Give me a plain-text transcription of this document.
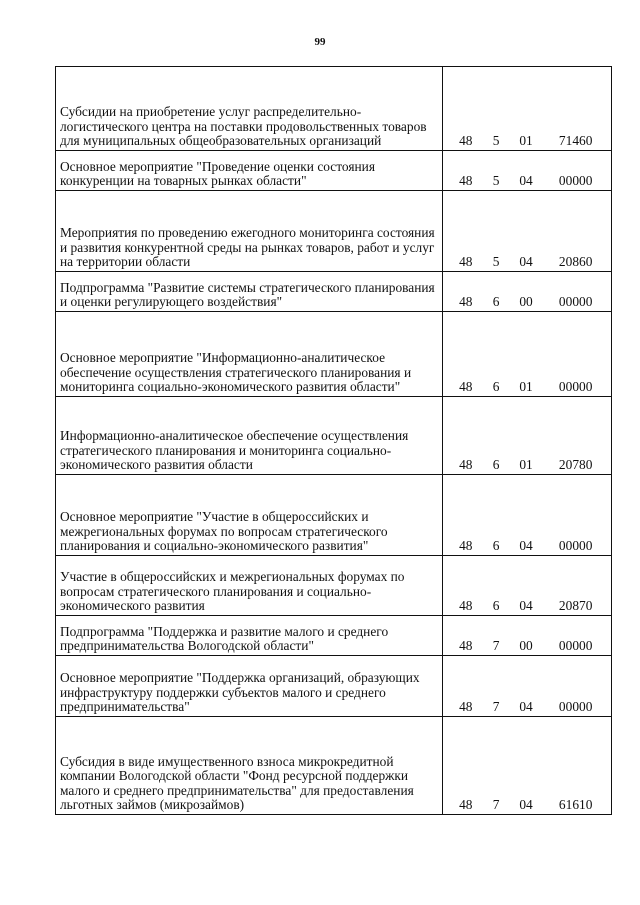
99
Субсидии на приобретение услуг распределительно-логистического центра на поставки продовольственных товаров для муниципальных общеобразовательных организаций	48 5 01 71460

Основное мероприятие "Проведение оценки состояния конкуренции на товарных рынках области"	48 5 04 00000

Мероприятия по проведению ежегодного мониторинга состояния и развития конкурентной среды на рынках товаров, работ и услуг на территории области	48 5 04 20860

Подпрограмма "Развитие системы стратегического планирования и оценки регулирующего воздействия"	48 6 00 00000

Основное мероприятие "Информационно-аналитическое обеспечение осуществления стратегического планирования и мониторинга социально-экономического развития области"	48 6 01 00000

Информационно-аналитическое обеспечение осуществления стратегического планирования и мониторинга социально-экономического развития области	48 6 01 20780

Основное мероприятие "Участие в общероссийских и межрегиональных форумах по вопросам стратегического планирования и социально-экономического развития"	48 6 04 00000

Участие в общероссийских и межрегиональных форумах по вопросам стратегического планирования и социально-экономического развития	48 6 04 20870

Подпрограмма "Поддержка и развитие малого и среднего предпринимательства Вологодской области"	48 7 00 00000

Основное мероприятие "Поддержка организаций, образующих инфраструктуру поддержки субъектов малого и среднего предпринимательства"	48 7 04 00000

Субсидия в виде имущественного взноса микрокредитной компании Вологодской области "Фонд ресурсной поддержки малого и среднего предпринимательства" для предоставления льготных займов (микрозаймов)	48 7 04 61610
